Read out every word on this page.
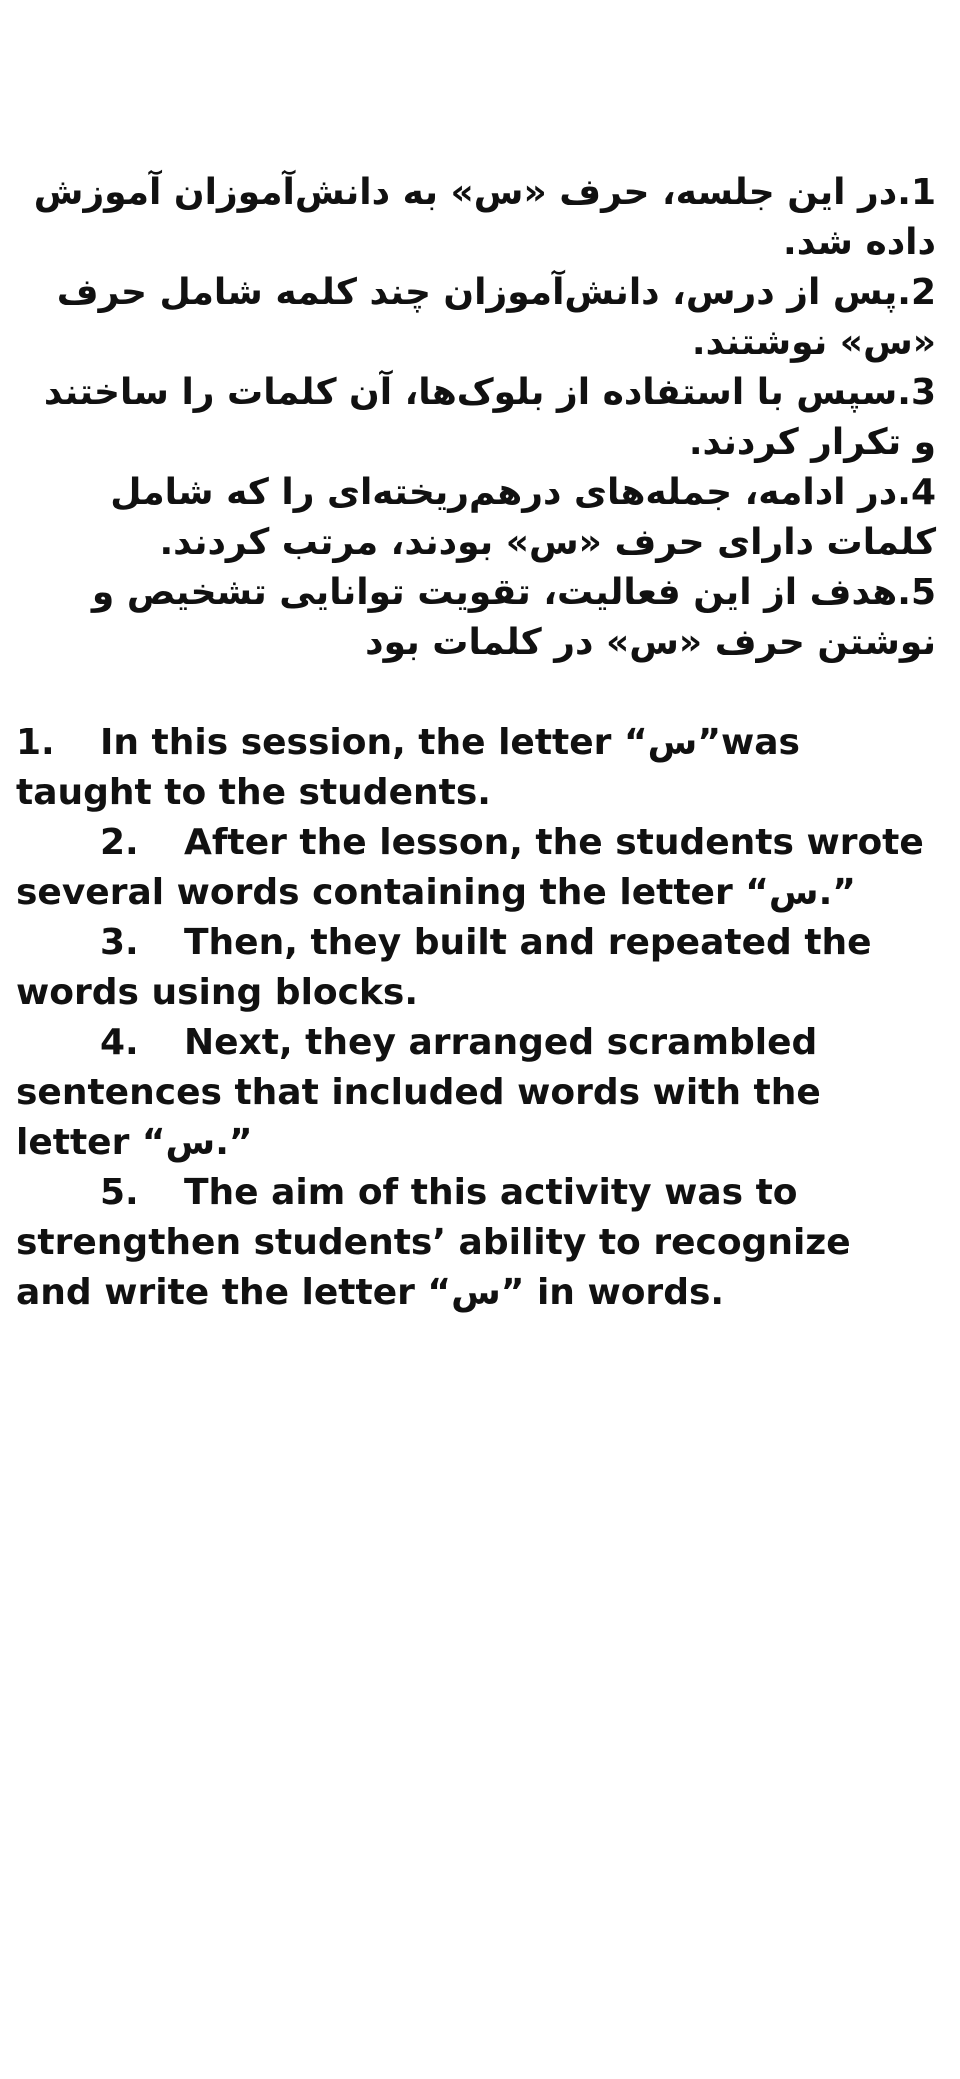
1.در این جلسه، حرف «س» به دانش‌آموزان آموزش داده شد.
2.پس از درس، دانش‌آموزان چند کلمه شامل حرف «س» نوشتند.
3.سپس با استفاده از بلوک‌ها، آن کلمات را ساختند و تکرار کردند.
4.در ادامه، جمله‌های درهم‌ریخته‌ای را که شامل کلمات دارای حرف «س» بودند، مرتب کردند.
5.هدف از این فعالیت، تقویت توانایی تشخیص و نوشتن حرف «س» در کلمات بود
1. In this session, the letter “س”was taught to the students.
2. After the lesson, the students wrote several words containing the letter “س.”
3. Then, they built and repeated the words using blocks.
4. Next, they arranged scrambled sentences that included words with the letter “س.”
5. The aim of this activity was to strengthen students’ ability to recognize and write the letter “س” in words.
